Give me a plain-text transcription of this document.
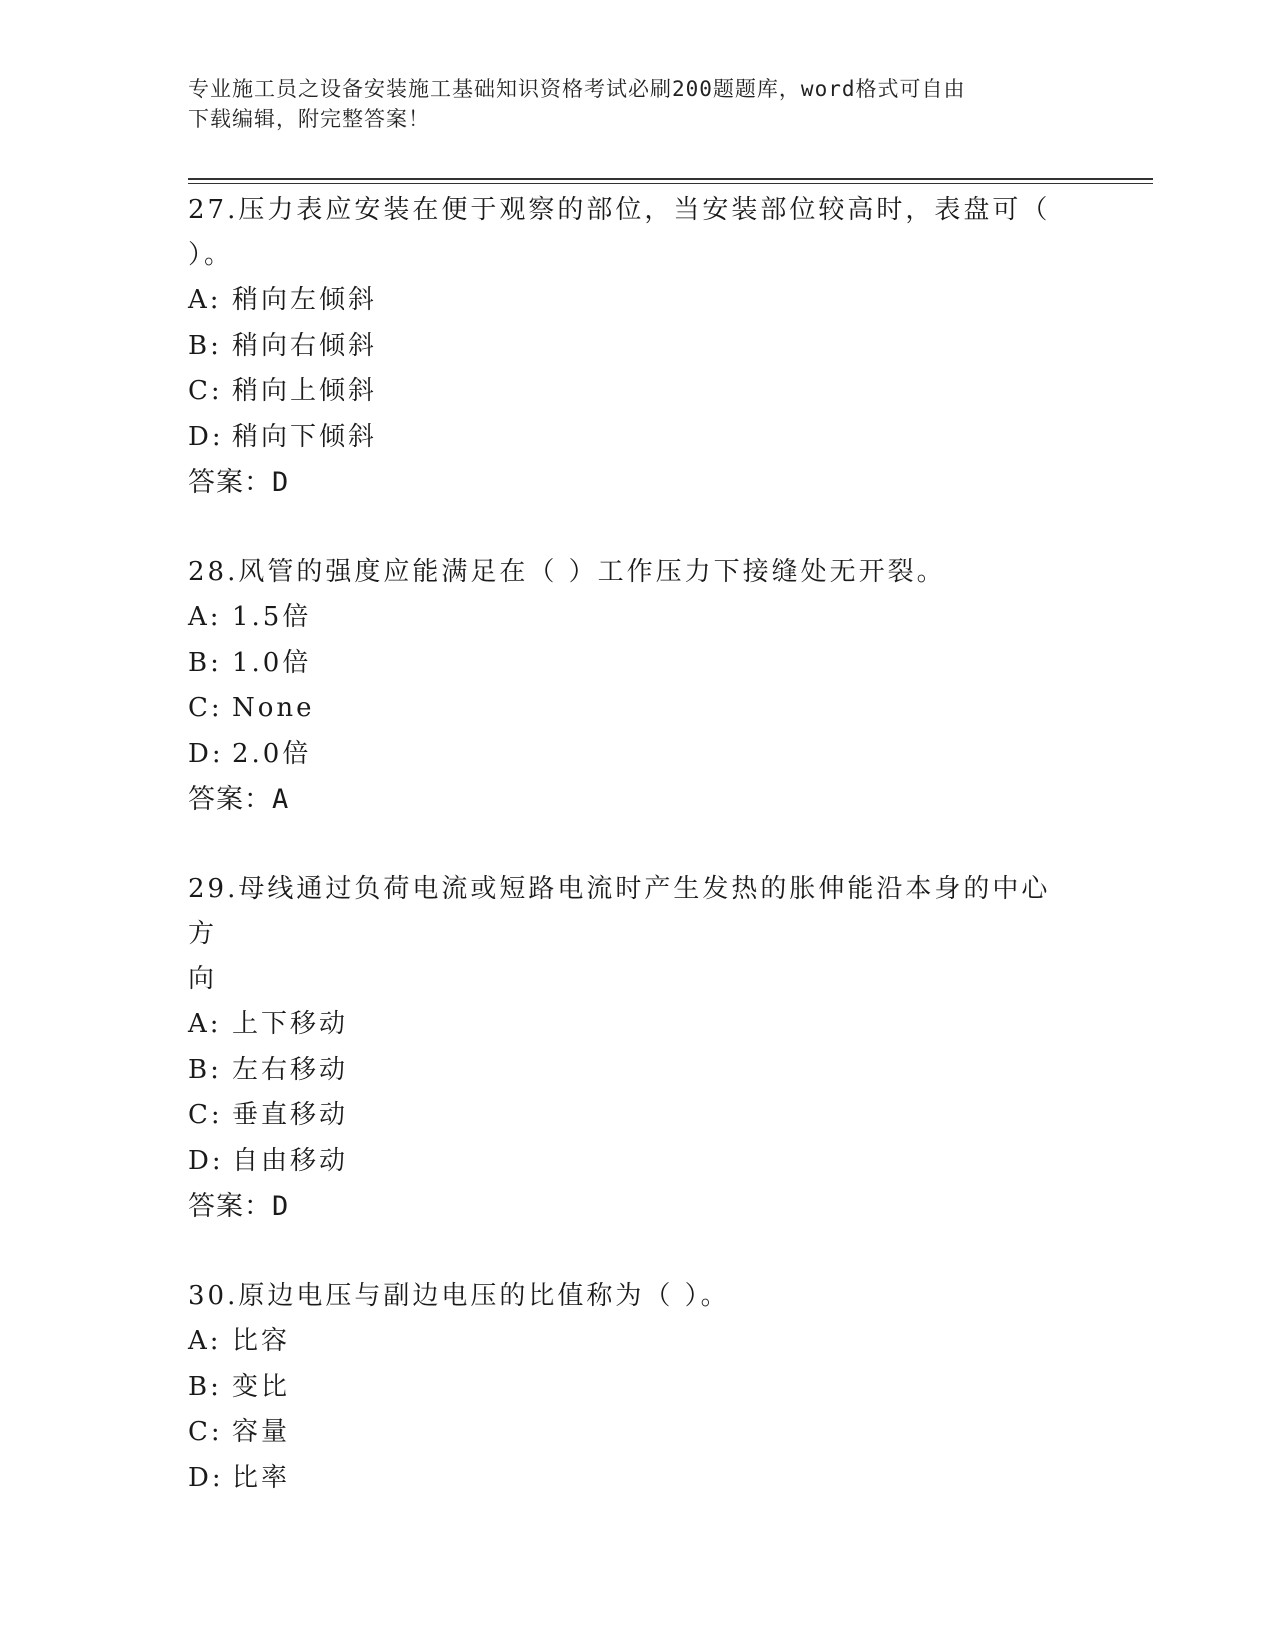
专业施工员之设备安装施工基础知识资格考试必刷200题题库，word格式可自由
下载编辑，附完整答案！
27.压力表应安装在便于观察的部位，当安装部位较高时，表盘可（
）。
A: 稍向左倾斜
B: 稍向右倾斜
C: 稍向上倾斜
D: 稍向下倾斜
答案：D
28.风管的强度应能满足在（ ）工作压力下接缝处无开裂。
A: 1.5倍
B: 1.0倍
C: None
D: 2.0倍
答案：A
29.母线通过负荷电流或短路电流时产生发热的胀伸能沿本身的中心方
向
A: 上下移动
B: 左右移动
C: 垂直移动
D: 自由移动
答案：D
30.原边电压与副边电压的比值称为（ ）。
A: 比容
B: 变比
C: 容量
D: 比率
